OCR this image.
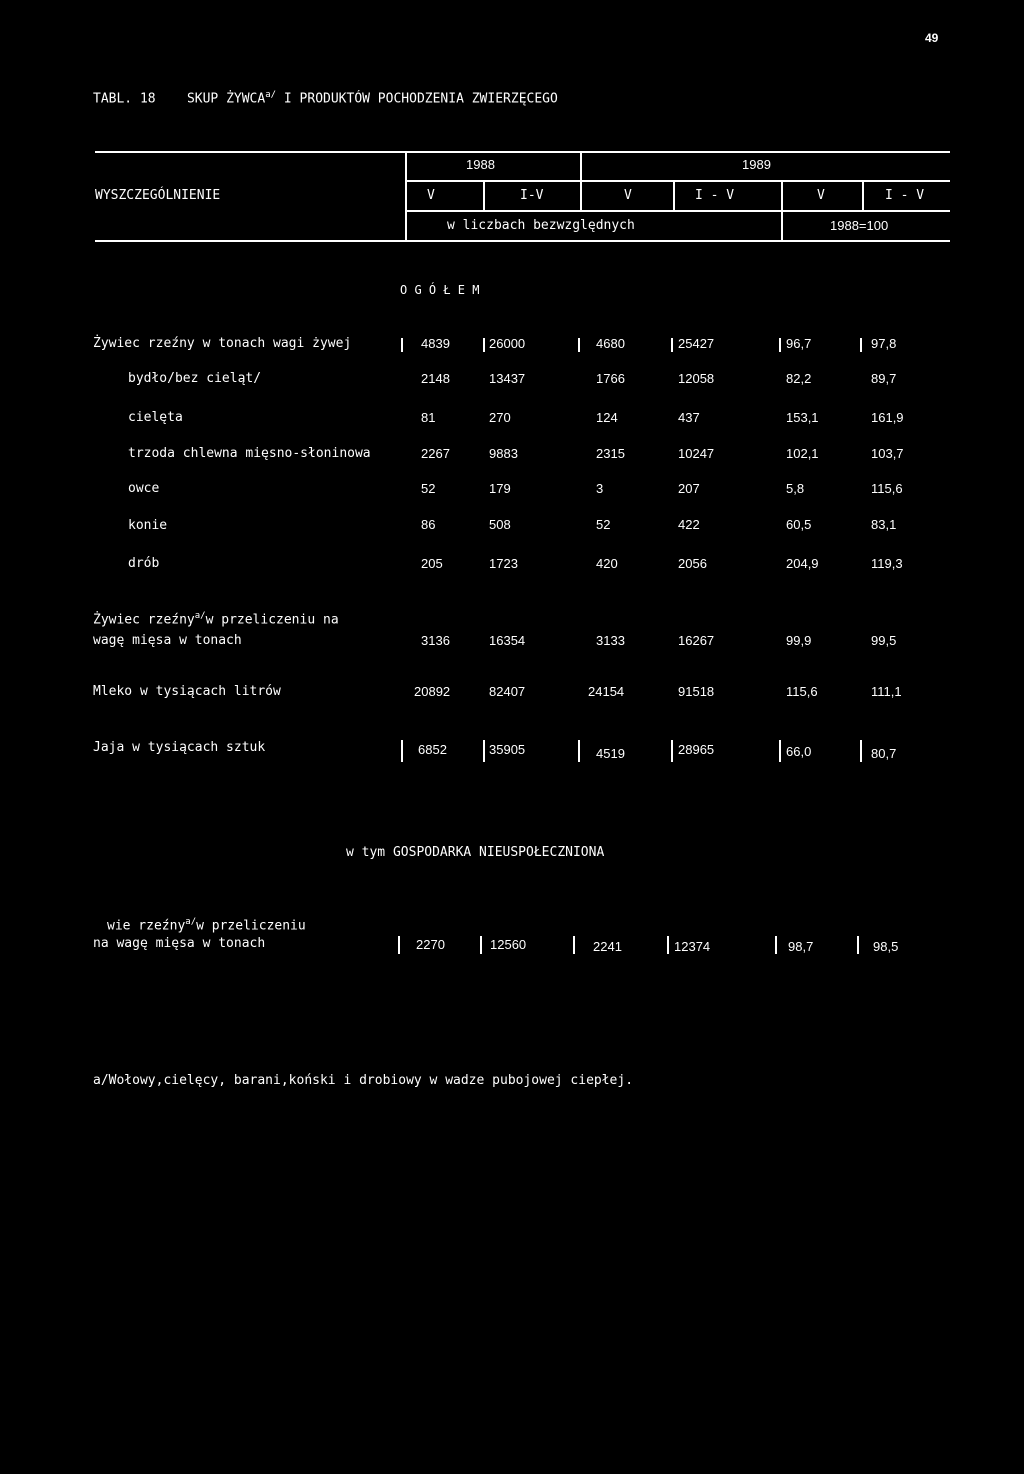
49
TABL. 18 SKUP $ŻYWCA^{a/}$ I PRODUKTÓW POCHODZENIA ZWIERZĘCEGO
WYSZCZEGÓLNIENIE
1988	1989
V	I-V	V	I - V	V	I - V
w liczbach bezwzględnych	1988=100
O G Ó Ł E M
Żywiec rzeźny w tonach wagi żywej	4839	26000	4680	25427	96,7	97,8
bydło/bez cieląt/	2148	13437	1766	12058	82,2	89,7
cielęta	81	270	124	437	153,1	161,9
trzoda chlewna mięsno-słoninowa	2267	9883	2315	10247	102,1	103,7
owce	52	179	3	207	5,8	115,6
konie	86	508	52	422	60,5	83,1
drób	205	1723	420	2056	204,9	119,3
Żywiec rzeźny$^{a/}$w przeliczeniu na
wagę mięsa w tonach	3136	16354	3133	16267	99,9	99,5
Mleko w tysiącach litrów	20892	82407	24154	91518	115,6	111,1
Jaja w tysiącach sztuk	6852	35905	4519	28965	66,0	80,7
w tym GOSPODARKA NIEUSPOŁECZNIONA
wie rzeźny$^{a/}$w przeliczeniu
na wagę mięsa w tonach	2270	12560	2241	12374	98,7	98,5
a/Wołowy,cielęcy, barani,koński i drobiowy w wadze pubojowej ciepłej.
